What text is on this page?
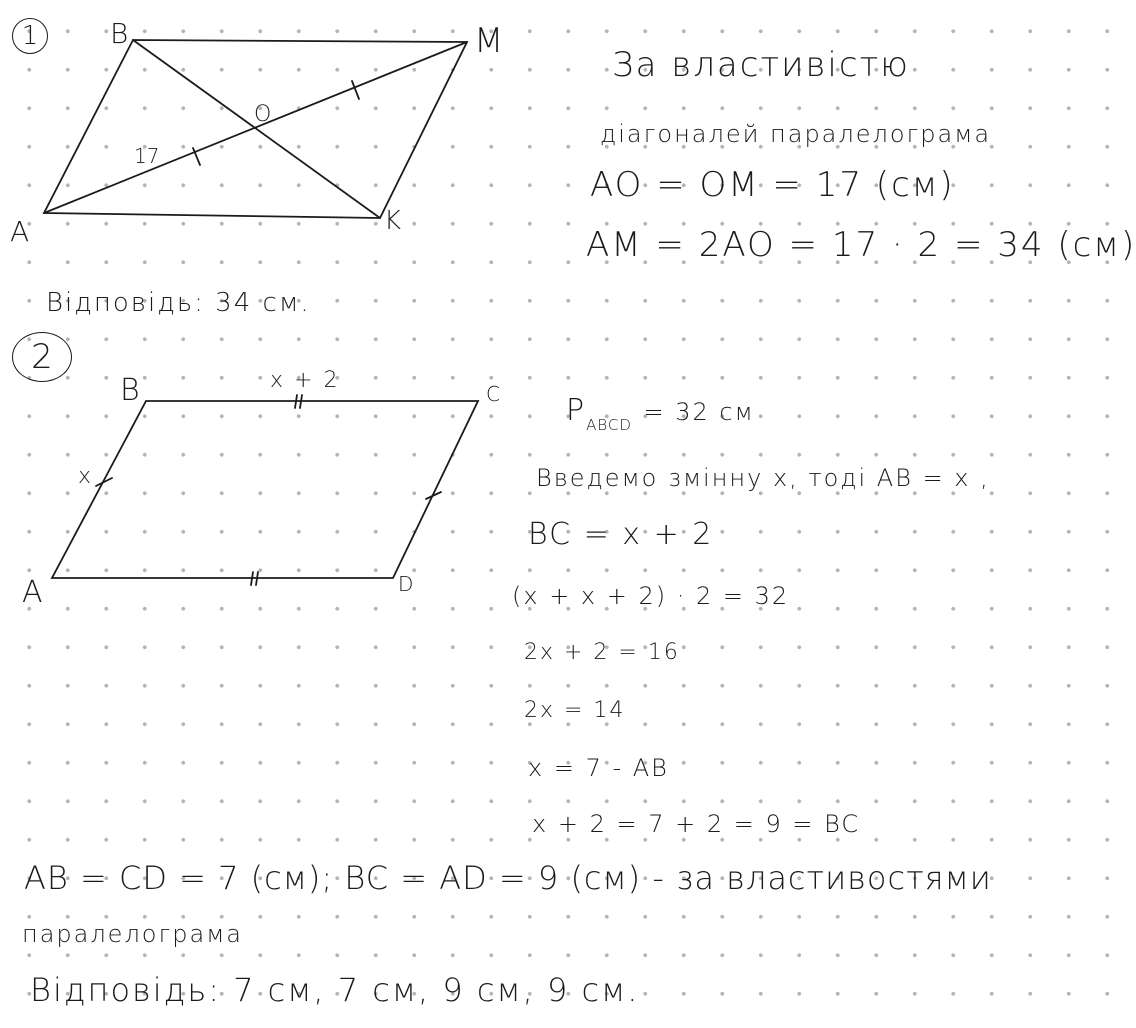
1	B	M
A	K
O
17
За властивістю
діагоналей паралелограма
AO = OM = 17 (см)
AM = 2AO = 17 · 2 = 34 (см)
Відповідь: 34 см.
2
B	C
A	D
x + 2
x
$P_{ABCD} = 32$ см
Введемо змінну x, тоді AB = x ,
BC = x + 2
(x + x + 2) · 2 = 32
2x + 2 = 16
2x = 14
x = 7 - AB
x + 2 = 7 + 2 = 9 = BC
AB = CD = 7 (см); BC = AD = 9 (см) - за властивостями
паралелограма
Відповідь: 7 см, 7 см, 9 см, 9 см.
